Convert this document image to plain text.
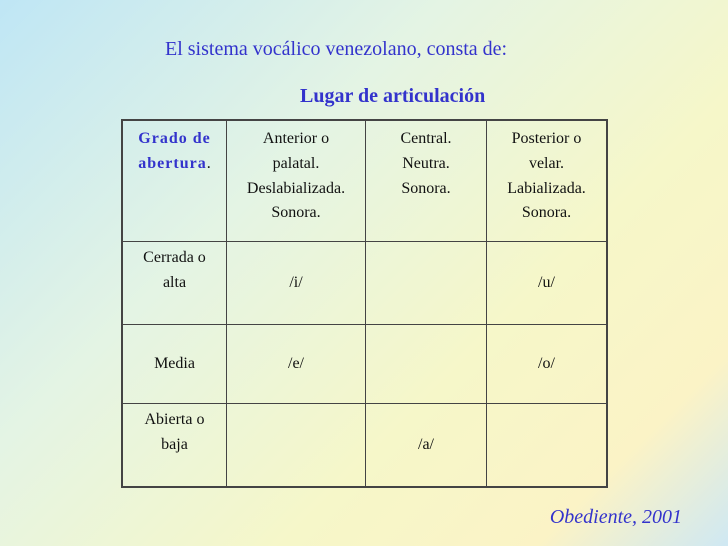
El sistema vocálico venezolano, consta de:
Lugar de articulación
Grado de
abertura.	Anterior o
palatal.
Deslabializada.
Sonora.	Central.
Neutra.
Sonora.	Posterior o
velar.
Labializada.
Sonora.

Cerrada o
alta	/i/		/u/

Media	/e/		/o/

Abierta o
baja		/a/	
Obediente, 2001
